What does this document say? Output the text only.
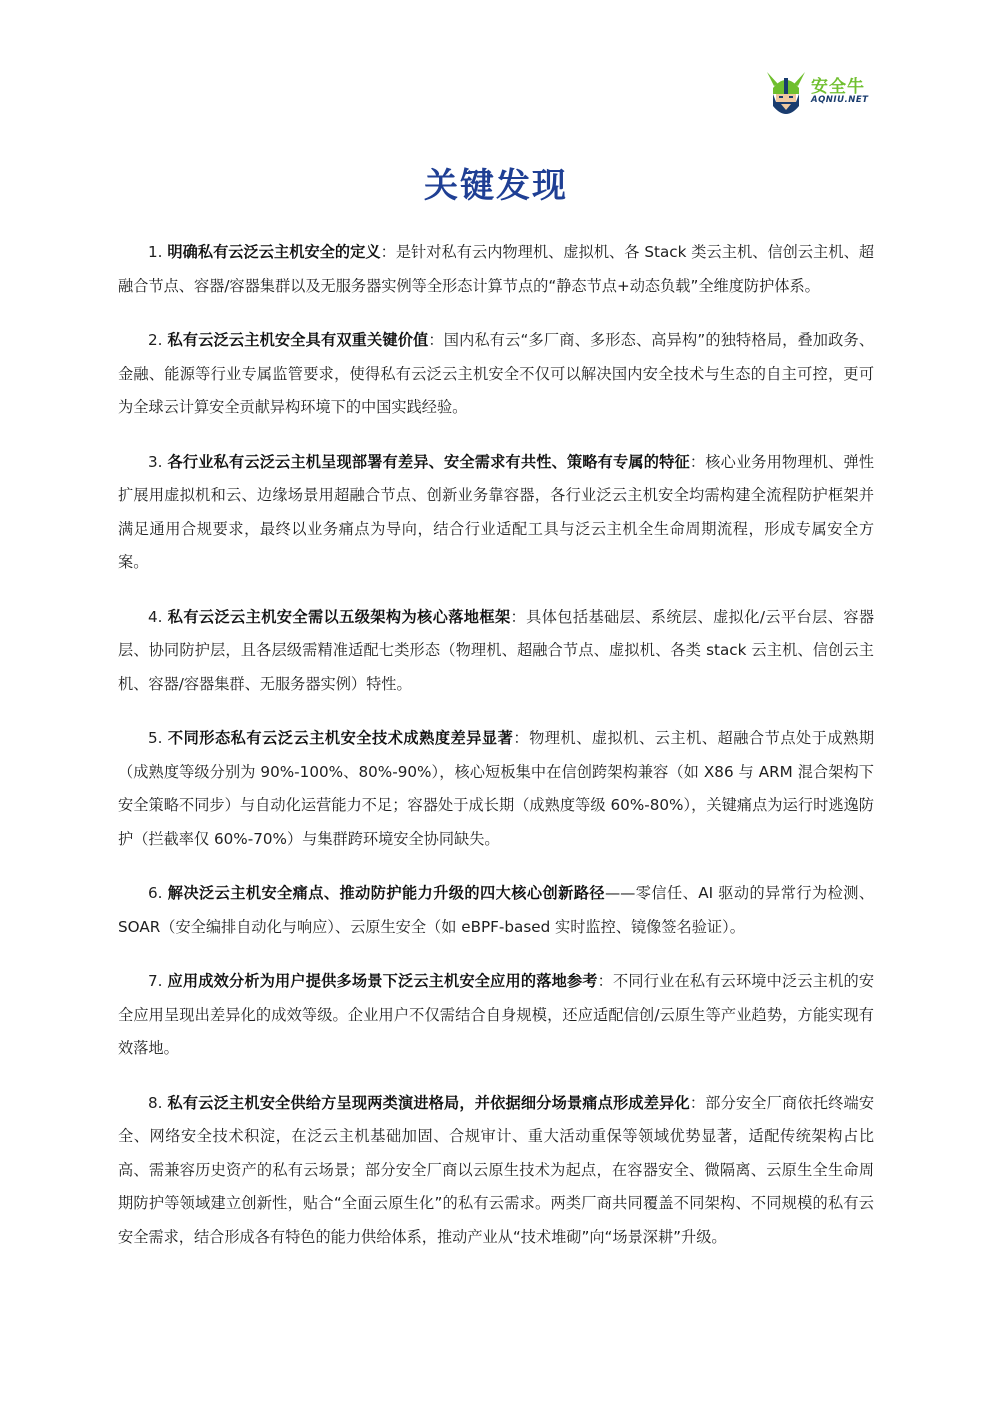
安全牛
AQNIU.NET
关键发现

1. 明确私有云泛云主机安全的定义：是针对私有云内物理机、虚拟机、各 Stack 类云主机、信创云主机、超融合节点、容器/容器集群以及无服务器实例等全形态计算节点的“静态节点+动态负载”全维度防护体系。

2. 私有云泛云主机安全具有双重关键价值：国内私有云“多厂商、多形态、高异构”的独特格局，叠加政务、金融、能源等行业专属监管要求，使得私有云泛云主机安全不仅可以解决国内安全技术与生态的自主可控，更可为全球云计算安全贡献异构环境下的中国实践经验。

3. 各行业私有云泛云主机呈现部署有差异、安全需求有共性、策略有专属的特征：核心业务用物理机、弹性扩展用虚拟机和云、边缘场景用超融合节点、创新业务靠容器，各行业泛云主机安全均需构建全流程防护框架并满足通用合规要求，最终以业务痛点为导向，结合行业适配工具与泛云主机全生命周期流程，形成专属安全方案。

4. 私有云泛云主机安全需以五级架构为核心落地框架：具体包括基础层、系统层、虚拟化/云平台层、容器层、协同防护层，且各层级需精准适配七类形态（物理机、超融合节点、虚拟机、各类 stack 云主机、信创云主机、容器/容器集群、无服务器实例）特性。

5. 不同形态私有云泛云主机安全技术成熟度差异显著：物理机、虚拟机、云主机、超融合节点处于成熟期（成熟度等级分别为 90%-100%、80%-90%），核心短板集中在信创跨架构兼容（如 X86 与 ARM 混合架构下安全策略不同步）与自动化运营能力不足；容器处于成长期（成熟度等级 60%-80%），关键痛点为运行时逃逸防护（拦截率仅 60%-70%）与集群跨环境安全协同缺失。

6. 解决泛云主机安全痛点、推动防护能力升级的四大核心创新路径——零信任、AI 驱动的异常行为检测、SOAR（安全编排自动化与响应）、云原生安全（如 eBPF-based 实时监控、镜像签名验证）。

7. 应用成效分析为用户提供多场景下泛云主机安全应用的落地参考：不同行业在私有云环境中泛云主机的安全应用呈现出差异化的成效等级。企业用户不仅需结合自身规模，还应适配信创/云原生等产业趋势，方能实现有效落地。

8. 私有云泛主机安全供给方呈现两类演进格局，并依据细分场景痛点形成差异化：部分安全厂商依托终端安全、网络安全技术积淀，在泛云主机基础加固、合规审计、重大活动重保等领域优势显著，适配传统架构占比高、需兼容历史资产的私有云场景；部分安全厂商以云原生技术为起点，在容器安全、微隔离、云原生全生命周期防护等领域建立创新性，贴合“全面云原生化”的私有云需求。两类厂商共同覆盖不同架构、不同规模的私有云安全需求，结合形成各有特色的能力供给体系，推动产业从“技术堆砌”向“场景深耕”升级。
